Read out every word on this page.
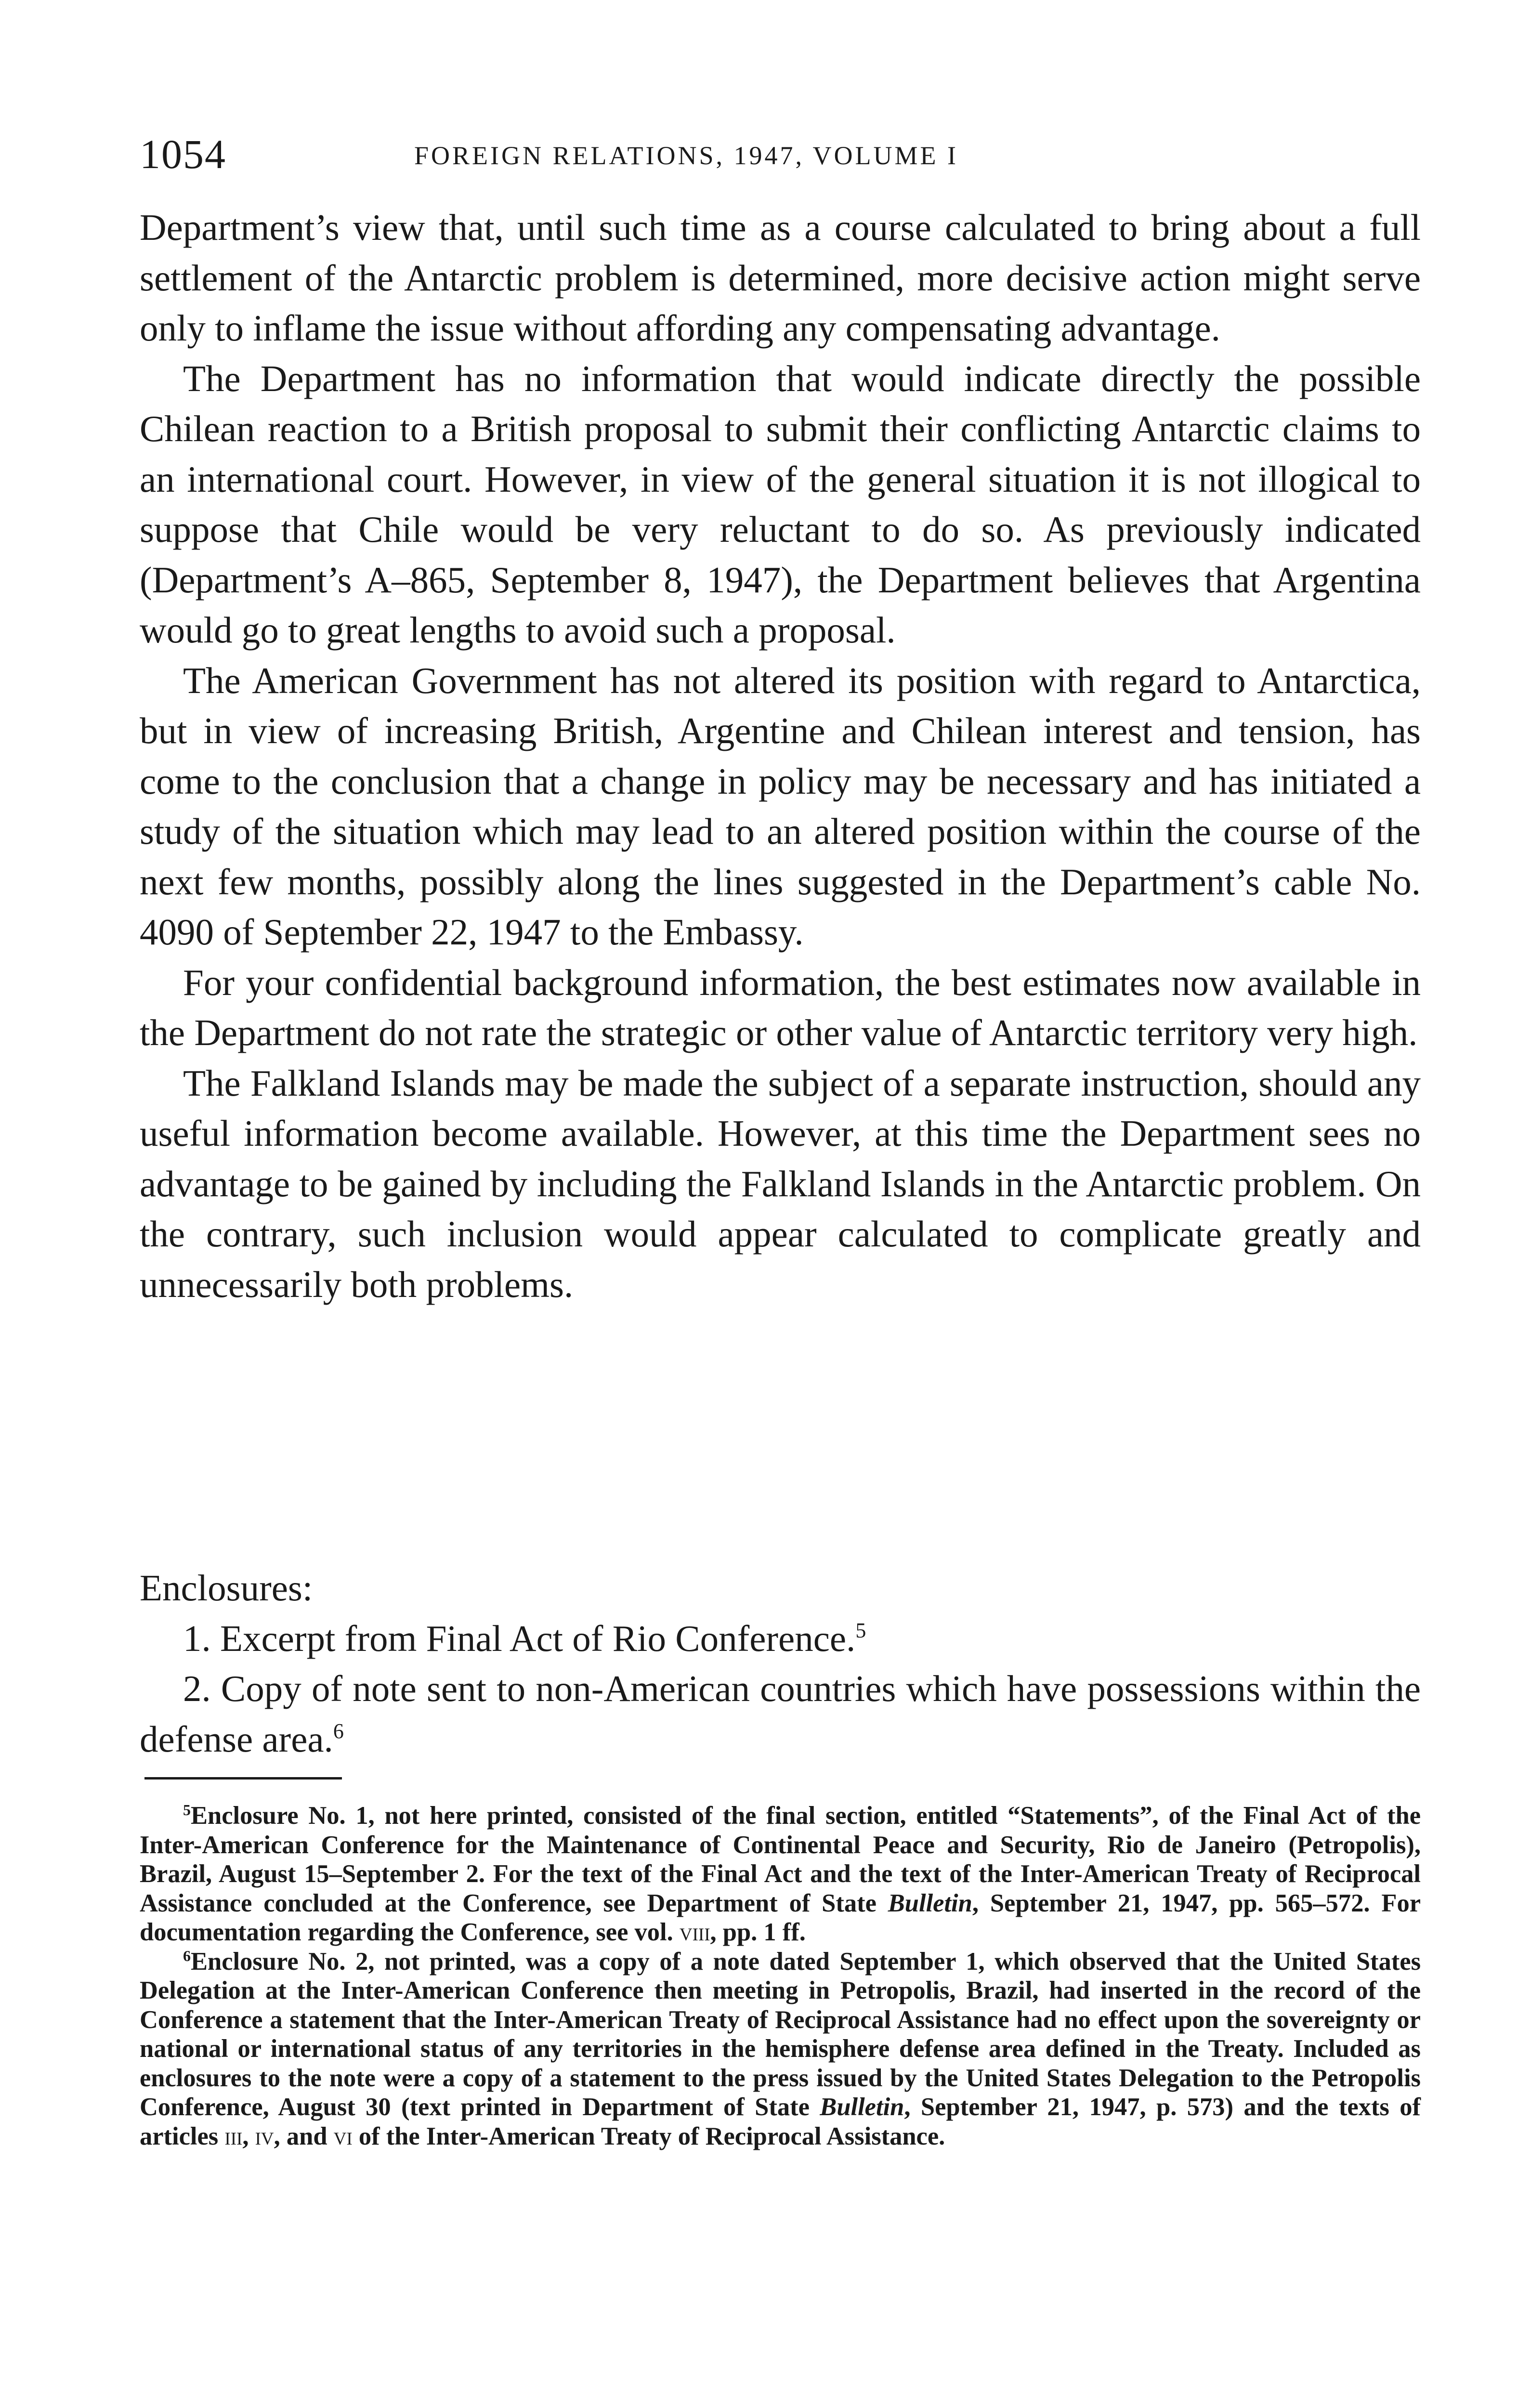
1054	FOREIGN RELATIONS, 1947, VOLUME I

Department’s view that, until such time as a course calculated to bring about a full settlement of the Antarctic problem is determined, more decisive action might serve only to inflame the issue without affording any compensating advantage.

The Department has no information that would indicate directly the possible Chilean reaction to a British proposal to submit their conflicting Antarctic claims to an international court. However, in view of the general situation it is not illogical to suppose that Chile would be very reluctant to do so. As previously indicated (Department’s A–865, September 8, 1947), the Department believes that Argentina would go to great lengths to avoid such a proposal.

The American Government has not altered its position with regard to Antarctica, but in view of increasing British, Argentine and Chilean interest and tension, has come to the conclusion that a change in policy may be necessary and has initiated a study of the situation which may lead to an altered position within the course of the next few months, possibly along the lines suggested in the Department’s cable No. 4090 of September 22, 1947 to the Embassy.

For your confidential background information, the best estimates now available in the Department do not rate the strategic or other value of Antarctic territory very high.

The Falkland Islands may be made the subject of a separate instruction, should any useful information become available. However, at this time the Department sees no advantage to be gained by including the Falkland Islands in the Antarctic problem. On the contrary, such inclusion would appear calculated to complicate greatly and unnecessarily both problems.

Enclosures:

1. Excerpt from Final Act of Rio Conference.$^5$

2. Copy of note sent to non-American countries which have possessions within the defense area.$^6$

$^5$Enclosure No. 1, not here printed, consisted of the final section, entitled “Statements”, of the Final Act of the Inter-American Conference for the Maintenance of Continental Peace and Security, Rio de Janeiro (Petropolis), Brazil, August 15–September 2. For the text of the Final Act and the text of the Inter-American Treaty of Reciprocal Assistance concluded at the Conference, see Department of State Bulletin, September 21, 1947, pp. 565–572. For documentation regarding the Conference, see vol. viii, pp. 1 ff.

$^6$Enclosure No. 2, not printed, was a copy of a note dated September 1, which observed that the United States Delegation at the Inter-American Conference then meeting in Petropolis, Brazil, had inserted in the record of the Conference a statement that the Inter-American Treaty of Reciprocal Assistance had no effect upon the sovereignty or national or international status of any territories in the hemisphere defense area defined in the Treaty. Included as enclosures to the note were a copy of a statement to the press issued by the United States Delegation to the Petropolis Conference, August 30 (text printed in Department of State Bulletin, September 21, 1947, p. 573) and the texts of articles iii, iv, and vi of the Inter-American Treaty of Reciprocal Assistance.
